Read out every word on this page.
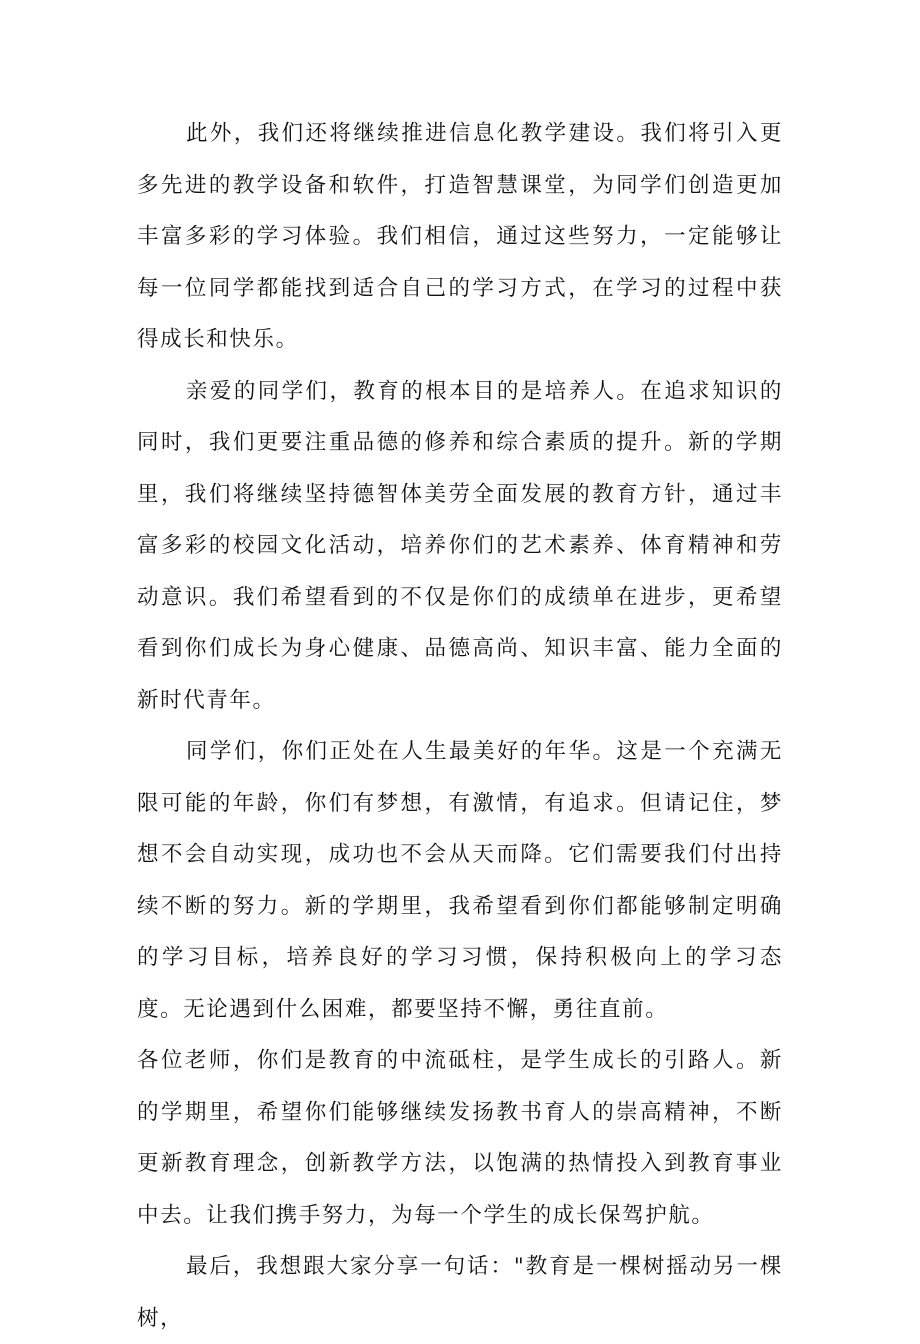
此外，我们还将继续推进信息化教学建设。我们将引入更多先进的教学设备和软件，打造智慧课堂，为同学们创造更加丰富多彩的学习体验。我们相信，通过这些努力，一定能够让每一位同学都能找到适合自己的学习方式，在学习的过程中获得成长和快乐。

亲爱的同学们，教育的根本目的是培养人。在追求知识的同时，我们更要注重品德的修养和综合素质的提升。新的学期里，我们将继续坚持德智体美劳全面发展的教育方针，通过丰富多彩的校园文化活动，培养你们的艺术素养、体育精神和劳动意识。我们希望看到的不仅是你们的成绩单在进步，更希望看到你们成长为身心健康、品德高尚、知识丰富、能力全面的新时代青年。

同学们，你们正处在人生最美好的年华。这是一个充满无限可能的年龄，你们有梦想，有激情，有追求。但请记住，梦想不会自动实现，成功也不会从天而降。它们需要我们付出持续不断的努力。新的学期里，我希望看到你们都能够制定明确的学习目标，培养良好的学习习惯，保持积极向上的学习态度。无论遇到什么困难，都要坚持不懈，勇往直前。

各位老师，你们是教育的中流砥柱，是学生成长的引路人。新的学期里，希望你们能够继续发扬教书育人的崇高精神，不断更新教育理念，创新教学方法，以饱满的热情投入到教育事业中去。让我们携手努力，为每一个学生的成长保驾护航。

最后，我想跟大家分享一句话："教育是一棵树摇动另一棵树，
